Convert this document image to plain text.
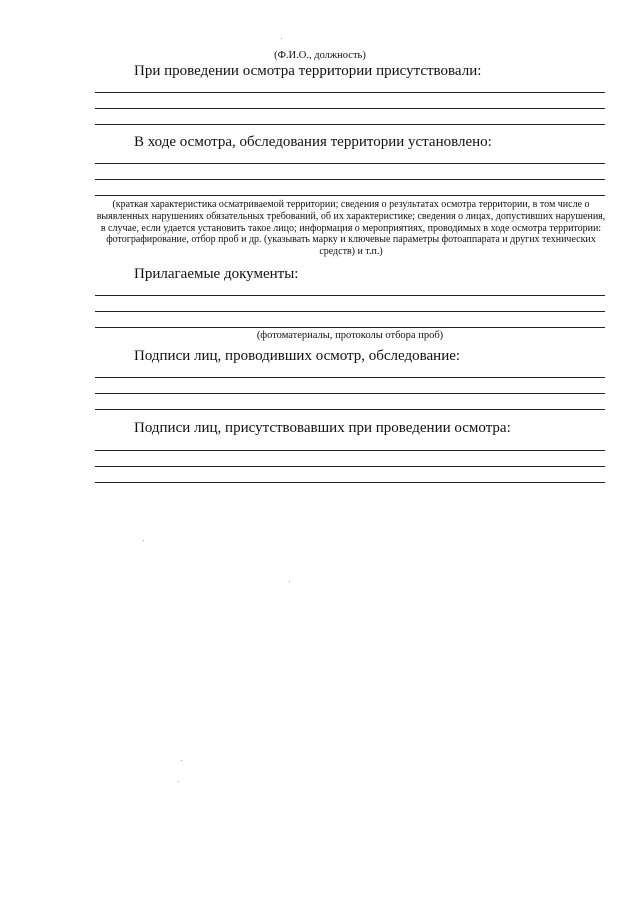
(Ф.И.О., должность)
При проведении осмотра территории присутствовали:
В ходе осмотра, обследования территории установлено:
(краткая характеристика осматриваемой территории; сведения о результатах осмотра территории, в том числе о выявленных нарушениях обязательных требований, об их характеристике; сведения о лицах, допустивших нарушения, в случае, если удается установить такое лицо; информация о мероприятиях, проводимых в ходе осмотра территории: фотографирование, отбор проб и др. (указывать марку и ключевые параметры фотоаппарата и других технических средств) и т.п.)
Прилагаемые документы:
(фотоматериалы, протоколы отбора проб)
Подписи лиц, проводивших осмотр, обследование:
Подписи лиц, присутствовавших при проведении осмотра:
